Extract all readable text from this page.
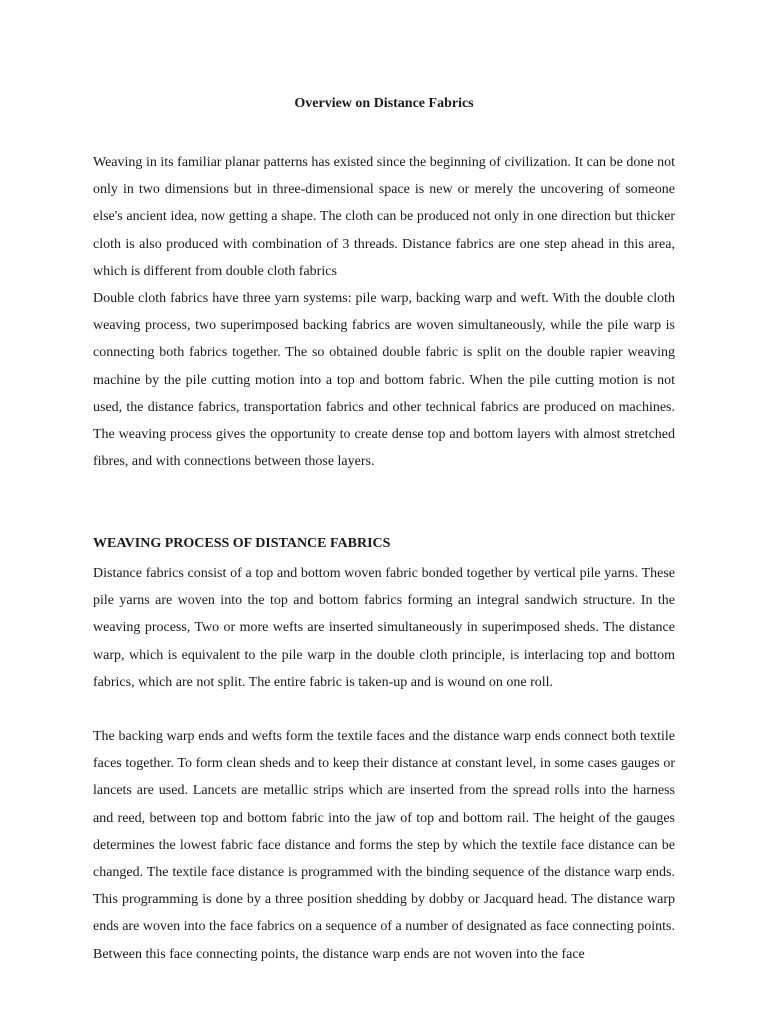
Overview on Distance Fabrics

Weaving in its familiar planar patterns has existed since the beginning of civilization. It can be done not only in two dimensions but in three-dimensional space is new or merely the uncovering of someone else's ancient idea, now getting a shape. The cloth can be produced not only in one direction but thicker cloth is also produced with combination of 3 threads. Distance fabrics are one step ahead in this area, which is different from double cloth fabrics

Double cloth fabrics have three yarn systems: pile warp, backing warp and weft. With the double cloth weaving process, two superimposed backing fabrics are woven simultaneously, while the pile warp is connecting both fabrics together. The so obtained double fabric is split on the double rapier weaving machine by the pile cutting motion into a top and bottom fabric. When the pile cutting motion is not used, the distance fabrics, transportation fabrics and other technical fabrics are produced on machines. The weaving process gives the opportunity to create dense top and bottom layers with almost stretched fibres, and with connections between those layers.

WEAVING PROCESS OF DISTANCE FABRICS

Distance fabrics consist of a top and bottom woven fabric bonded together by vertical pile yarns. These pile yarns are woven into the top and bottom fabrics forming an integral sandwich structure. In the weaving process, Two or more wefts are inserted simultaneously in superimposed sheds. The distance warp, which is equivalent to the pile warp in the double cloth principle, is interlacing top and bottom fabrics, which are not split. The entire fabric is taken-up and is wound on one roll.

The backing warp ends and wefts form the textile faces and the distance warp ends connect both textile faces together. To form clean sheds and to keep their distance at constant level, in some cases gauges or lancets are used. Lancets are metallic strips which are inserted from the spread rolls into the harness and reed, between top and bottom fabric into the jaw of top and bottom rail. The height of the gauges determines the lowest fabric face distance and forms the step by which the textile face distance can be changed. The textile face distance is programmed with the binding sequence of the distance warp ends. This programming is done by a three position shedding by dobby or Jacquard head. The distance warp ends are woven into the face fabrics on a sequence of a number of designated as face connecting points. Between this face connecting points, the distance warp ends are not woven into the face
